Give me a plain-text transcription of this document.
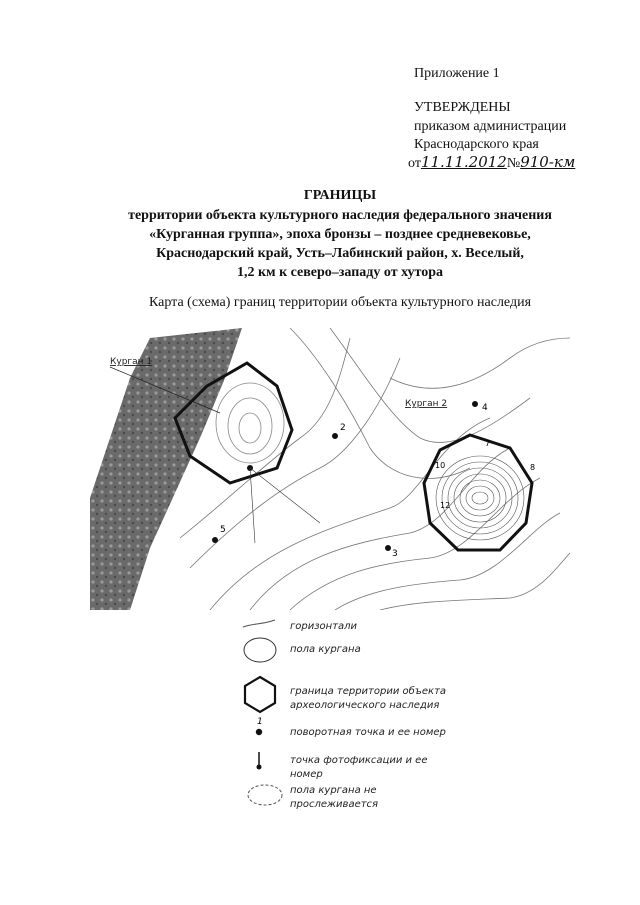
Приложение 1
УТВЕРЖДЕНЫ
приказом администрации
Краснодарского края
от11.11.2012№910-км
ГРАНИЦЫ
территории объекта культурного наследия федерального значения
«Курганная группа», эпоха бронзы – позднее средневековье,
Краснодарский край, Усть–Лабинский район, х. Веселый,
1,2 км к северо–западу от хутора
Карта (схема) границ территории объекта культурного наследия
Курган 1
Курган 2
2
3
4
5
10
7
8
12
1
горизонтали
пола кургана
граница территории объекта археологического наследия
поворотная точка и ее номер
точка фотофиксации и ее номер
пола кургана не прослеживается
